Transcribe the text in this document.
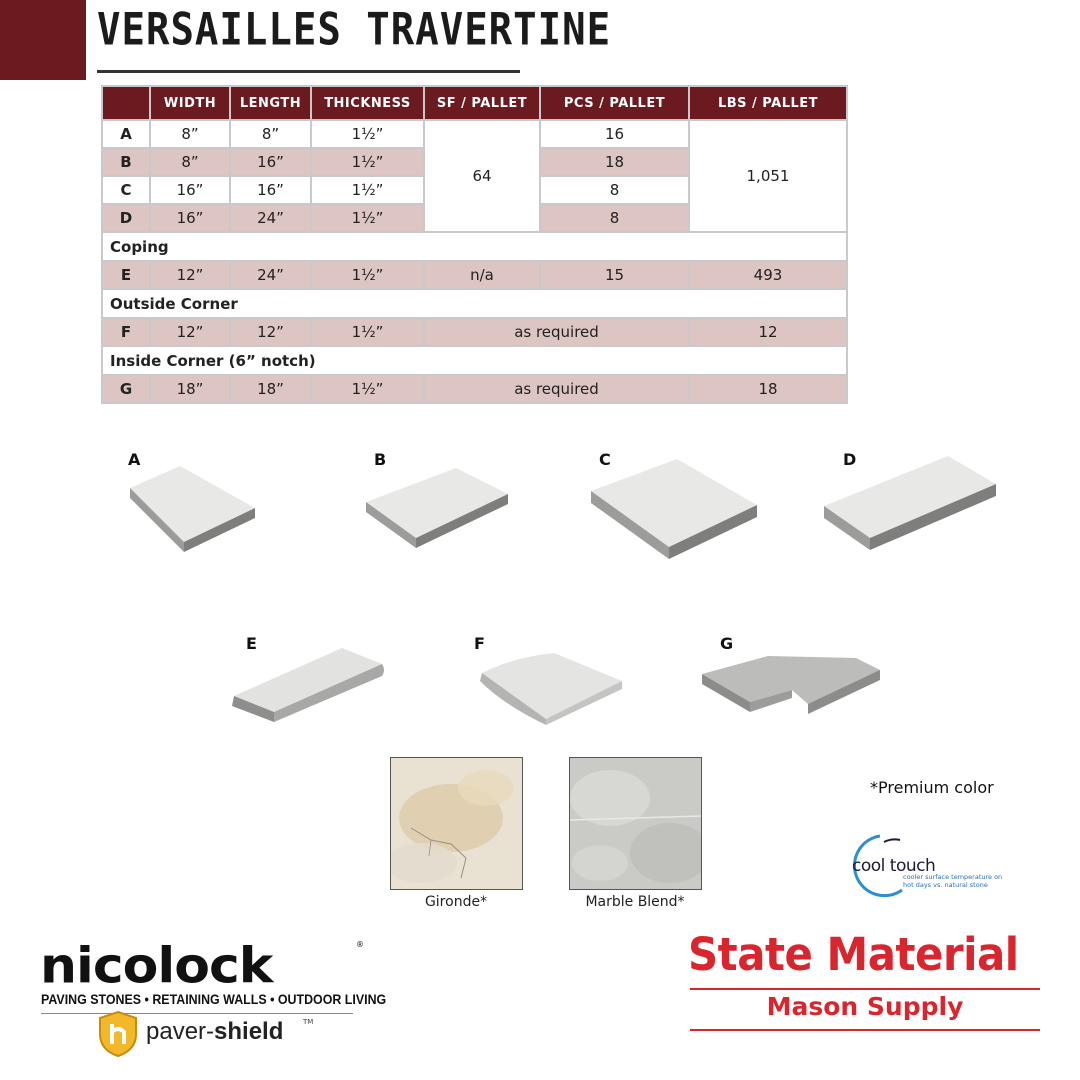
VERSAILLES TRAVERTINE
	WIDTH	LENGTH	THICKNESS	SF / PALLET	PCS / PALLET	LBS / PALLET
A	8”	8”	1½”	64	16	1,051
B	8”	16”	1½”		18	
C	16”	16”	1½”		8	
D	16”	24”	1½”		8	
Coping						
E	12”	24”	1½”	n/a	15	493
Outside Corner						
F	12”	12”	1½”	as required		12
Inside Corner (6” notch)						
G	18”	18”	1½”	as required		18
A	B	C	D
E	F	G
Gironde*	Marble Blend*
*Premium color
cool touch
cooler surface temperature on hot days vs. natural stone
nicolock	®
PAVING STONES • RETAINING WALLS • OUTDOOR LIVING
paver-shield	TM
State Material
Mason Supply
